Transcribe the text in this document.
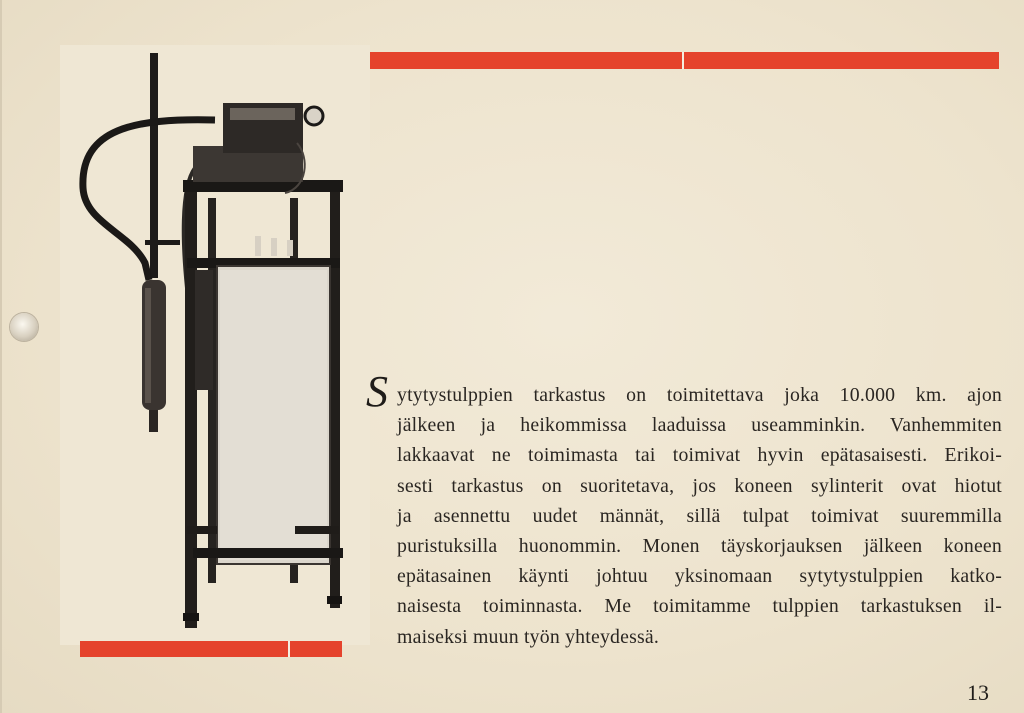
S ytytystulppien tarkastus on toimitettava joka 10.000 km. ajon
jälkeen ja heikommissa laaduissa useamminkin. Vanhemmiten
lakkaavat ne toimimasta tai toimivat hyvin epätasaisesti. Erikoi-
sesti tarkastus on suoritetava, jos koneen sylinterit ovat hiotut
ja asennettu uudet männät, sillä tulpat toimivat suuremmilla
puristuksilla huonommin. Monen täyskorjauksen jälkeen koneen
epätasainen käynti johtuu yksinomaan sytytystulppien katko-
naisesta toiminnasta. Me toimitamme tulppien tarkastuksen il-
maiseksi muun työn yhteydessä.
13
